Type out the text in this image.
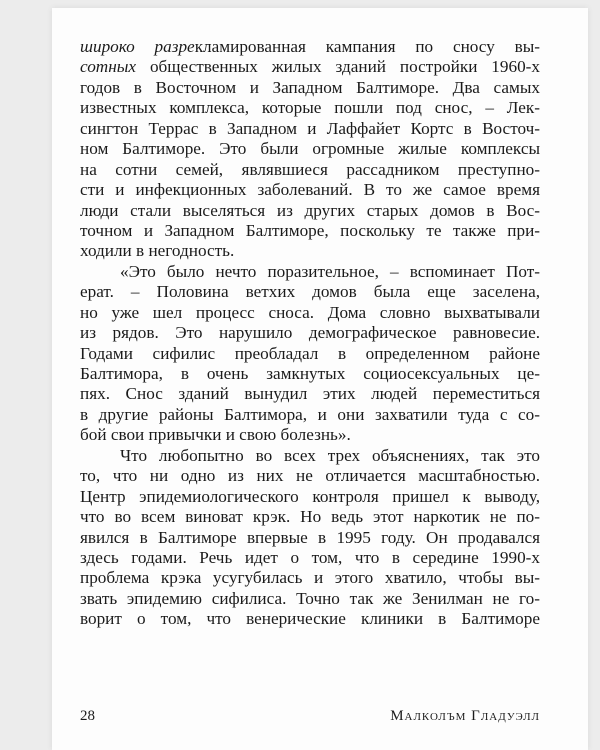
широко разрекламированная кампания по сносу вы-
сотных общественных жилых зданий постройки 1960-х
годов в Восточном и Западном Балтиморе. Два самых
известных комплекса, которые пошли под снос, – Лек-
сингтон Террас в Западном и Лаффайет Кортс в Восточ-
ном Балтиморе. Это были огромные жилые комплексы
на сотни семей, являвшиеся рассадником преступно-
сти и инфекционных заболеваний. В то же самое время
люди стали выселяться из других старых домов в Вос-
точном и Западном Балтиморе, поскольку те также при-
ходили в негодность.
«Это было нечто поразительное, – вспоминает Пот-
ерат. – Половина ветхих домов была еще заселена,
но уже шел процесс сноса. Дома словно выхватывали
из рядов. Это нарушило демографическое равновесие.
Годами сифилис преобладал в определенном районе
Балтимора, в очень замкнутых социосексуальных це-
пях. Снос зданий вынудил этих людей переместиться
в другие районы Балтимора, и они захватили туда с со-
бой свои привычки и свою болезнь».
Что любопытно во всех трех объяснениях, так это
то, что ни одно из них не отличается масштабностью.
Центр эпидемиологического контроля пришел к выводу,
что во всем виноват крэк. Но ведь этот наркотик не по-
явился в Балтиморе впервые в 1995 году. Он продавался
здесь годами. Речь идет о том, что в середине 1990-х
проблема крэка усугубилась и этого хватило, чтобы вы-
звать эпидемию сифилиса. Точно так же Зенилман не го-
ворит о том, что венерические клиники в Балтиморе
28	Малколъм Гладуэлл
